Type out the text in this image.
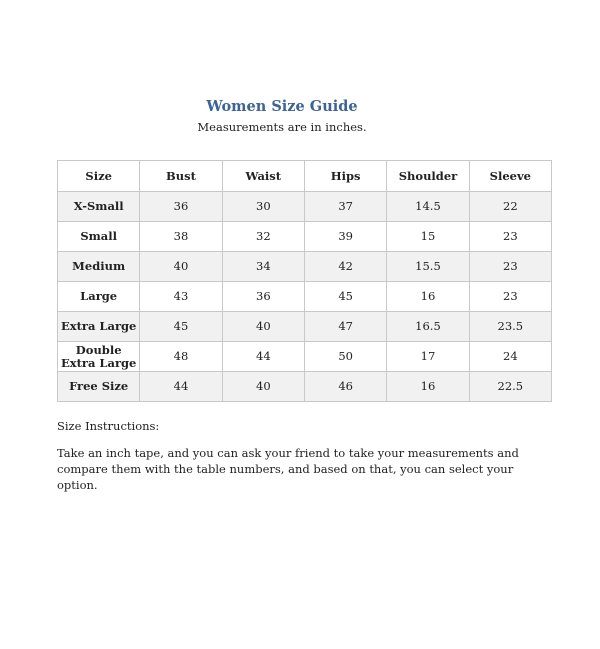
Women Size Guide
Measurements are in inches.
Size	Bust	Waist	Hips	Shoulder	Sleeve
X-Small	36	30	37	14.5	22
Small	38	32	39	15	23
Medium	40	34	42	15.5	23
Large	43	36	45	16	23
Extra Large	45	40	47	16.5	23.5
Double Extra Large	48	44	50	17	24
Free Size	44	40	46	16	22.5
Size Instructions:
Take an inch tape, and you can ask your friend to take your measurements and compare them with the table numbers, and based on that, you can select your option.
